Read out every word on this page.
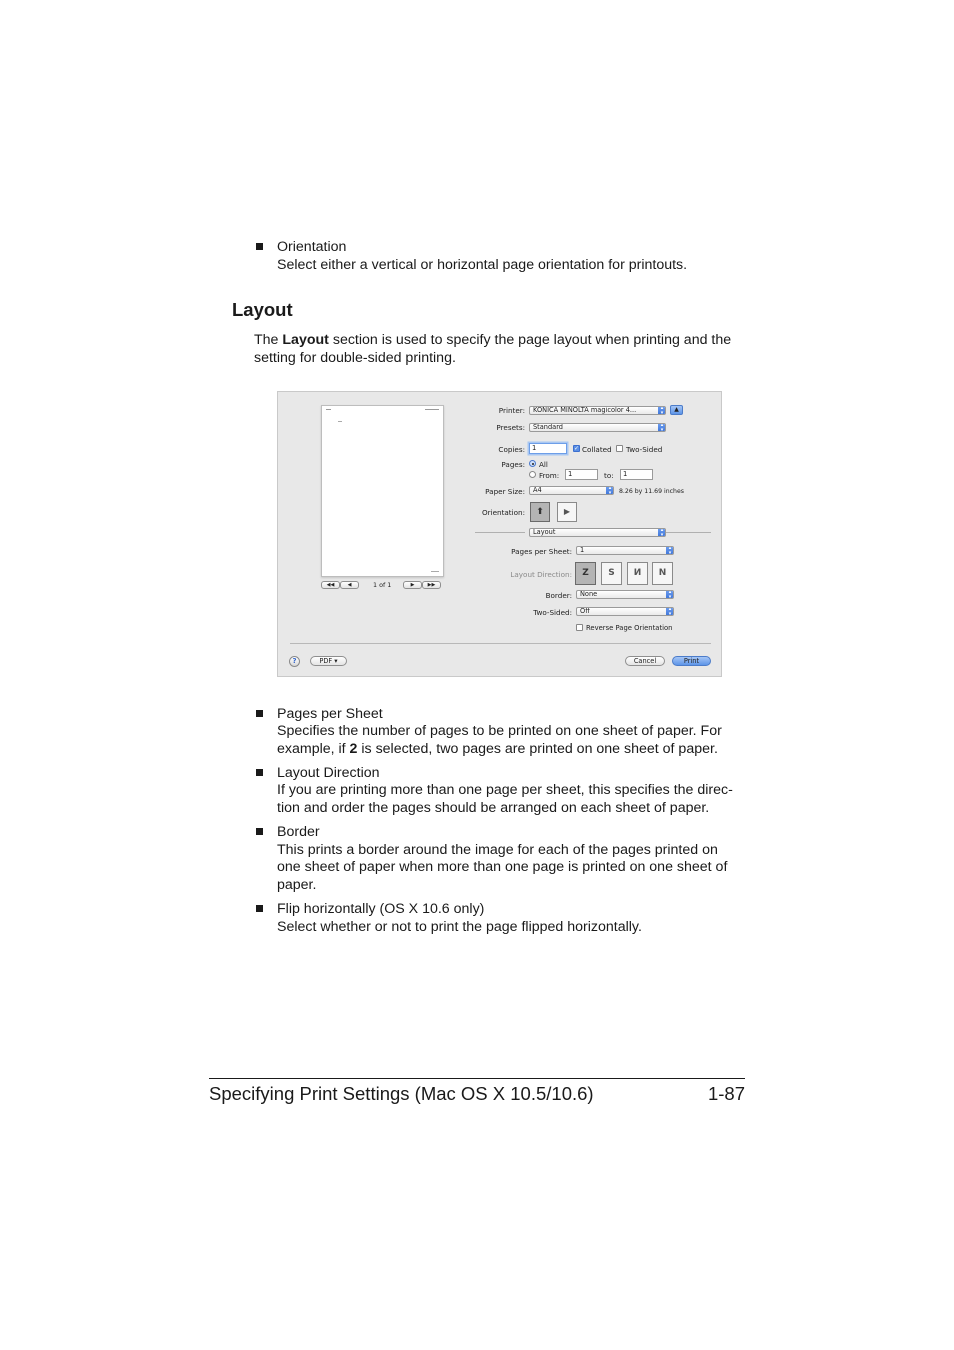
Orientation
Select either a vertical or horizontal page orientation for printouts.
Layout
The Layout section is used to specify the page layout when printing and the
setting for double-sided printing.
◀◀	◀	1 of 1	▶	▶▶
Printer:	KONICA MINOLTA magicolor 4...	▴
▾	▲
Presets:	Standard	▴
▾
Copies:	1	✓ Collated Two-Sided
Pages: All
From:	1	to:	1
Paper Size:	A4	▴
▾	8.26 by 11.69 inches
Orientation:	⬆	▶
Layout	▴
▾
Pages per Sheet:	1	▴
▾
Layout Direction:	Z	S	И	N
Border:	None	▴
▾
Two-Sided:	Off	▴
▾
Reverse Page Orientation
?	PDF ▾	Cancel	Print
Pages per Sheet
Specifies the number of pages to be printed on one sheet of paper. For
example, if 2 is selected, two pages are printed on one sheet of paper.
Layout Direction
If you are printing more than one page per sheet, this specifies the direc-
tion and order the pages should be arranged on each sheet of paper.
Border
This prints a border around the image for each of the pages printed on
one sheet of paper when more than one page is printed on one sheet of
paper.
Flip horizontally (OS X 10.6 only)
Select whether or not to print the page flipped horizontally.
Specifying Print Settings (Mac OS X 10.5/10.6)	1-87
